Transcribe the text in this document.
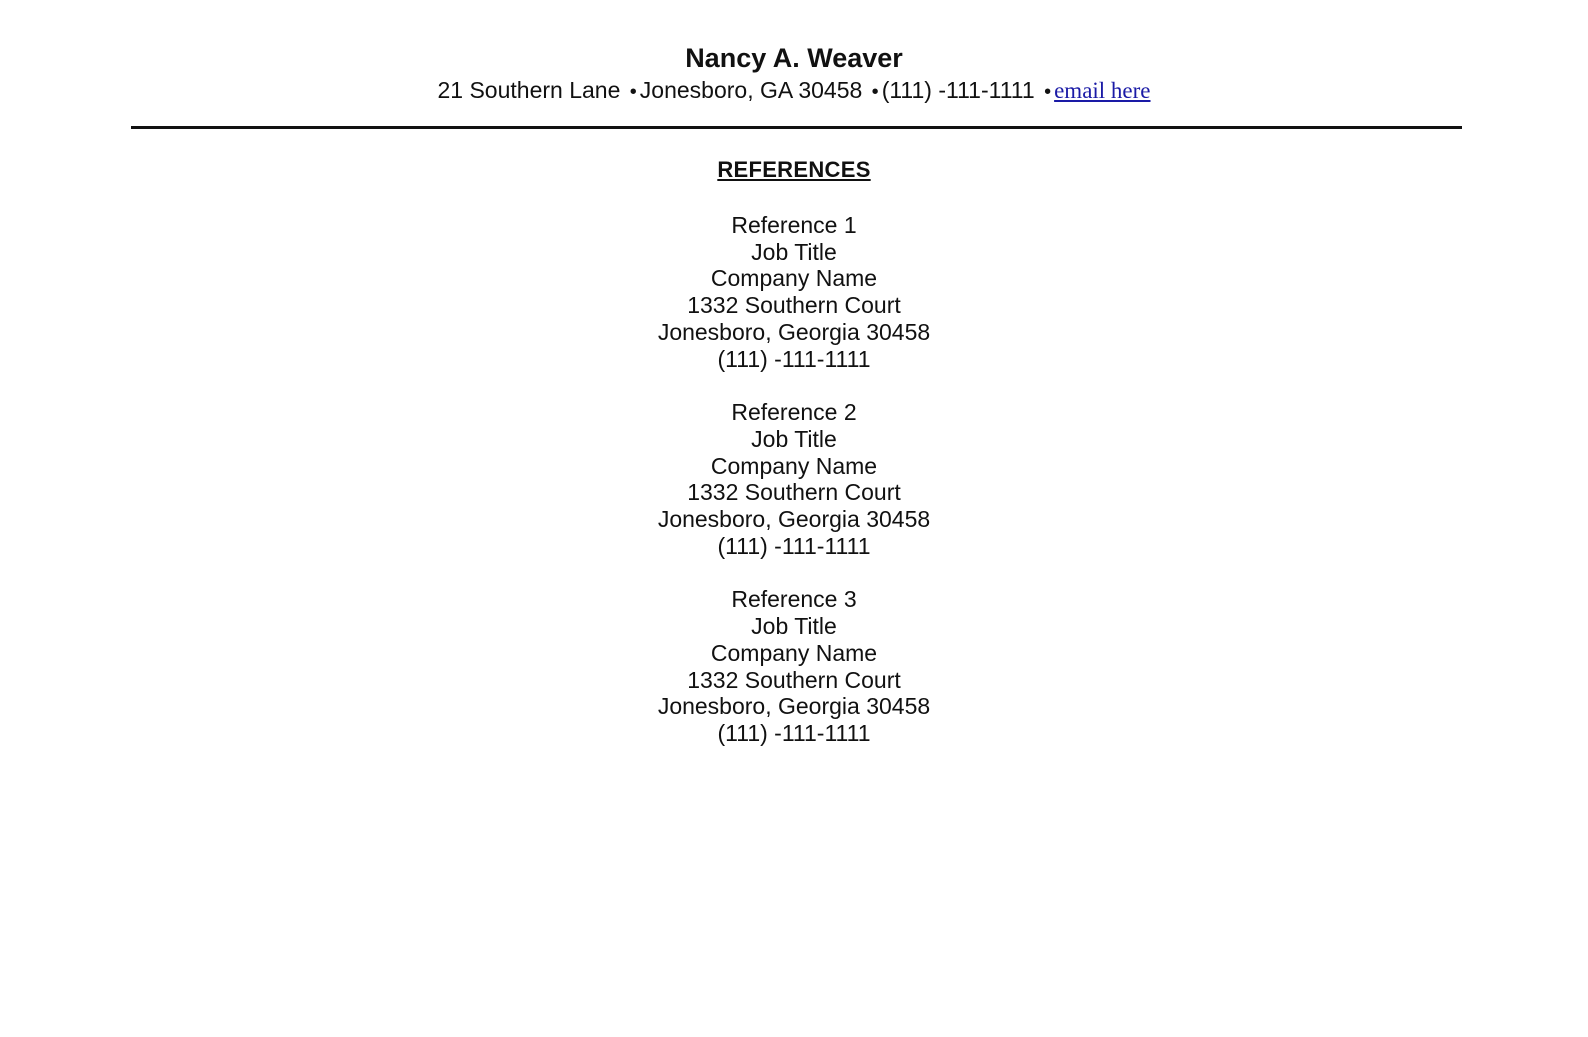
Nancy A. Weaver
21 Southern Lane • Jonesboro, GA 30458 • (111) -111-1111 • email here
REFERENCES
Reference 1
Job Title
Company Name
1332 Southern Court
Jonesboro, Georgia 30458
(111) -111-1111
Reference 2
Job Title
Company Name
1332 Southern Court
Jonesboro, Georgia 30458
(111) -111-1111
Reference 3
Job Title
Company Name
1332 Southern Court
Jonesboro, Georgia 30458
(111) -111-1111
